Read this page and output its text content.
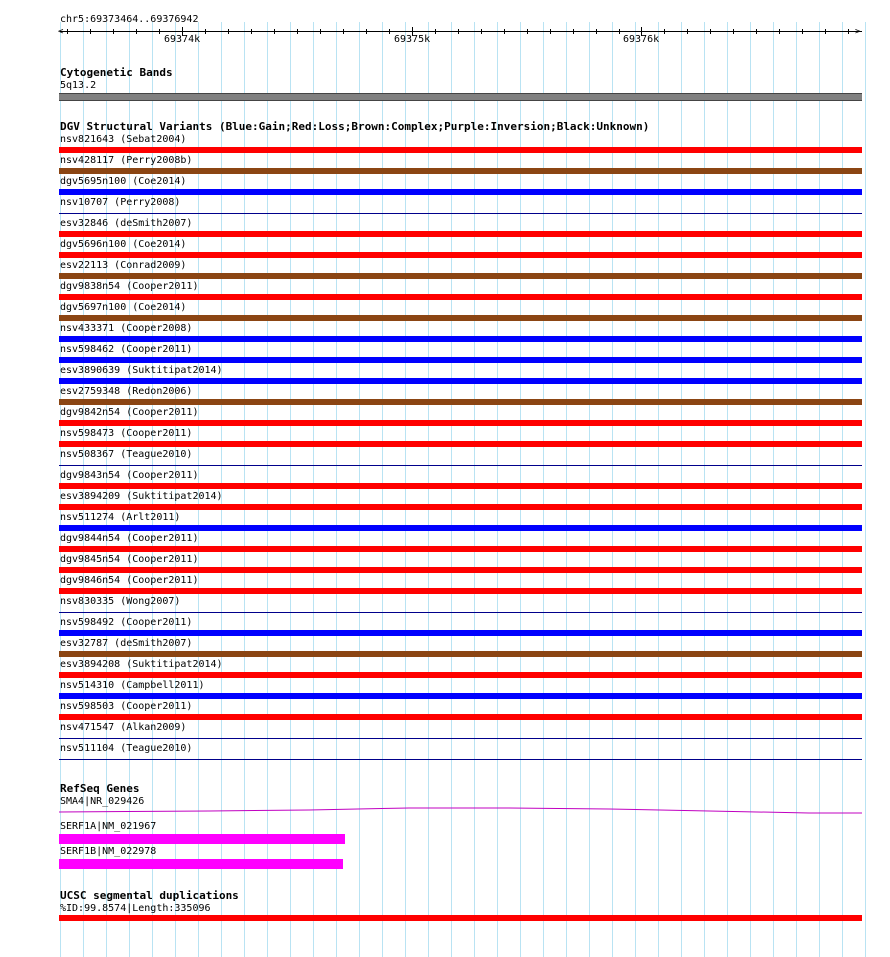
chr5:69373464..69376942
<	>
69374k	69375k	69376k
Cytogenetic Bands
5q13.2
DGV Structural Variants (Blue:Gain;Red:Loss;Brown:Complex;Purple:Inversion;Black:Unknown)
nsv821643 (Sebat2004)
nsv428117 (Perry2008b)
dgv5695n100 (Coe2014)
nsv10707 (Perry2008)
esv32846 (deSmith2007)
dgv5696n100 (Coe2014)
esv22113 (Conrad2009)
dgv9838n54 (Cooper2011)
dgv5697n100 (Coe2014)
nsv433371 (Cooper2008)
nsv598462 (Cooper2011)
esv3890639 (Suktitipat2014)
esv2759348 (Redon2006)
dgv9842n54 (Cooper2011)
nsv598473 (Cooper2011)
nsv508367 (Teague2010)
dgv9843n54 (Cooper2011)
esv3894209 (Suktitipat2014)
nsv511274 (Arlt2011)
dgv9844n54 (Cooper2011)
dgv9845n54 (Cooper2011)
dgv9846n54 (Cooper2011)
nsv830335 (Wong2007)
nsv598492 (Cooper2011)
esv32787 (deSmith2007)
esv3894208 (Suktitipat2014)
nsv514310 (Campbell2011)
nsv598503 (Cooper2011)
nsv471547 (Alkan2009)
nsv511104 (Teague2010)
RefSeq Genes
SMA4|NR_029426
SERF1A|NM_021967
SERF1B|NM_022978
UCSC segmental duplications
%ID:99.8574|Length:335096
